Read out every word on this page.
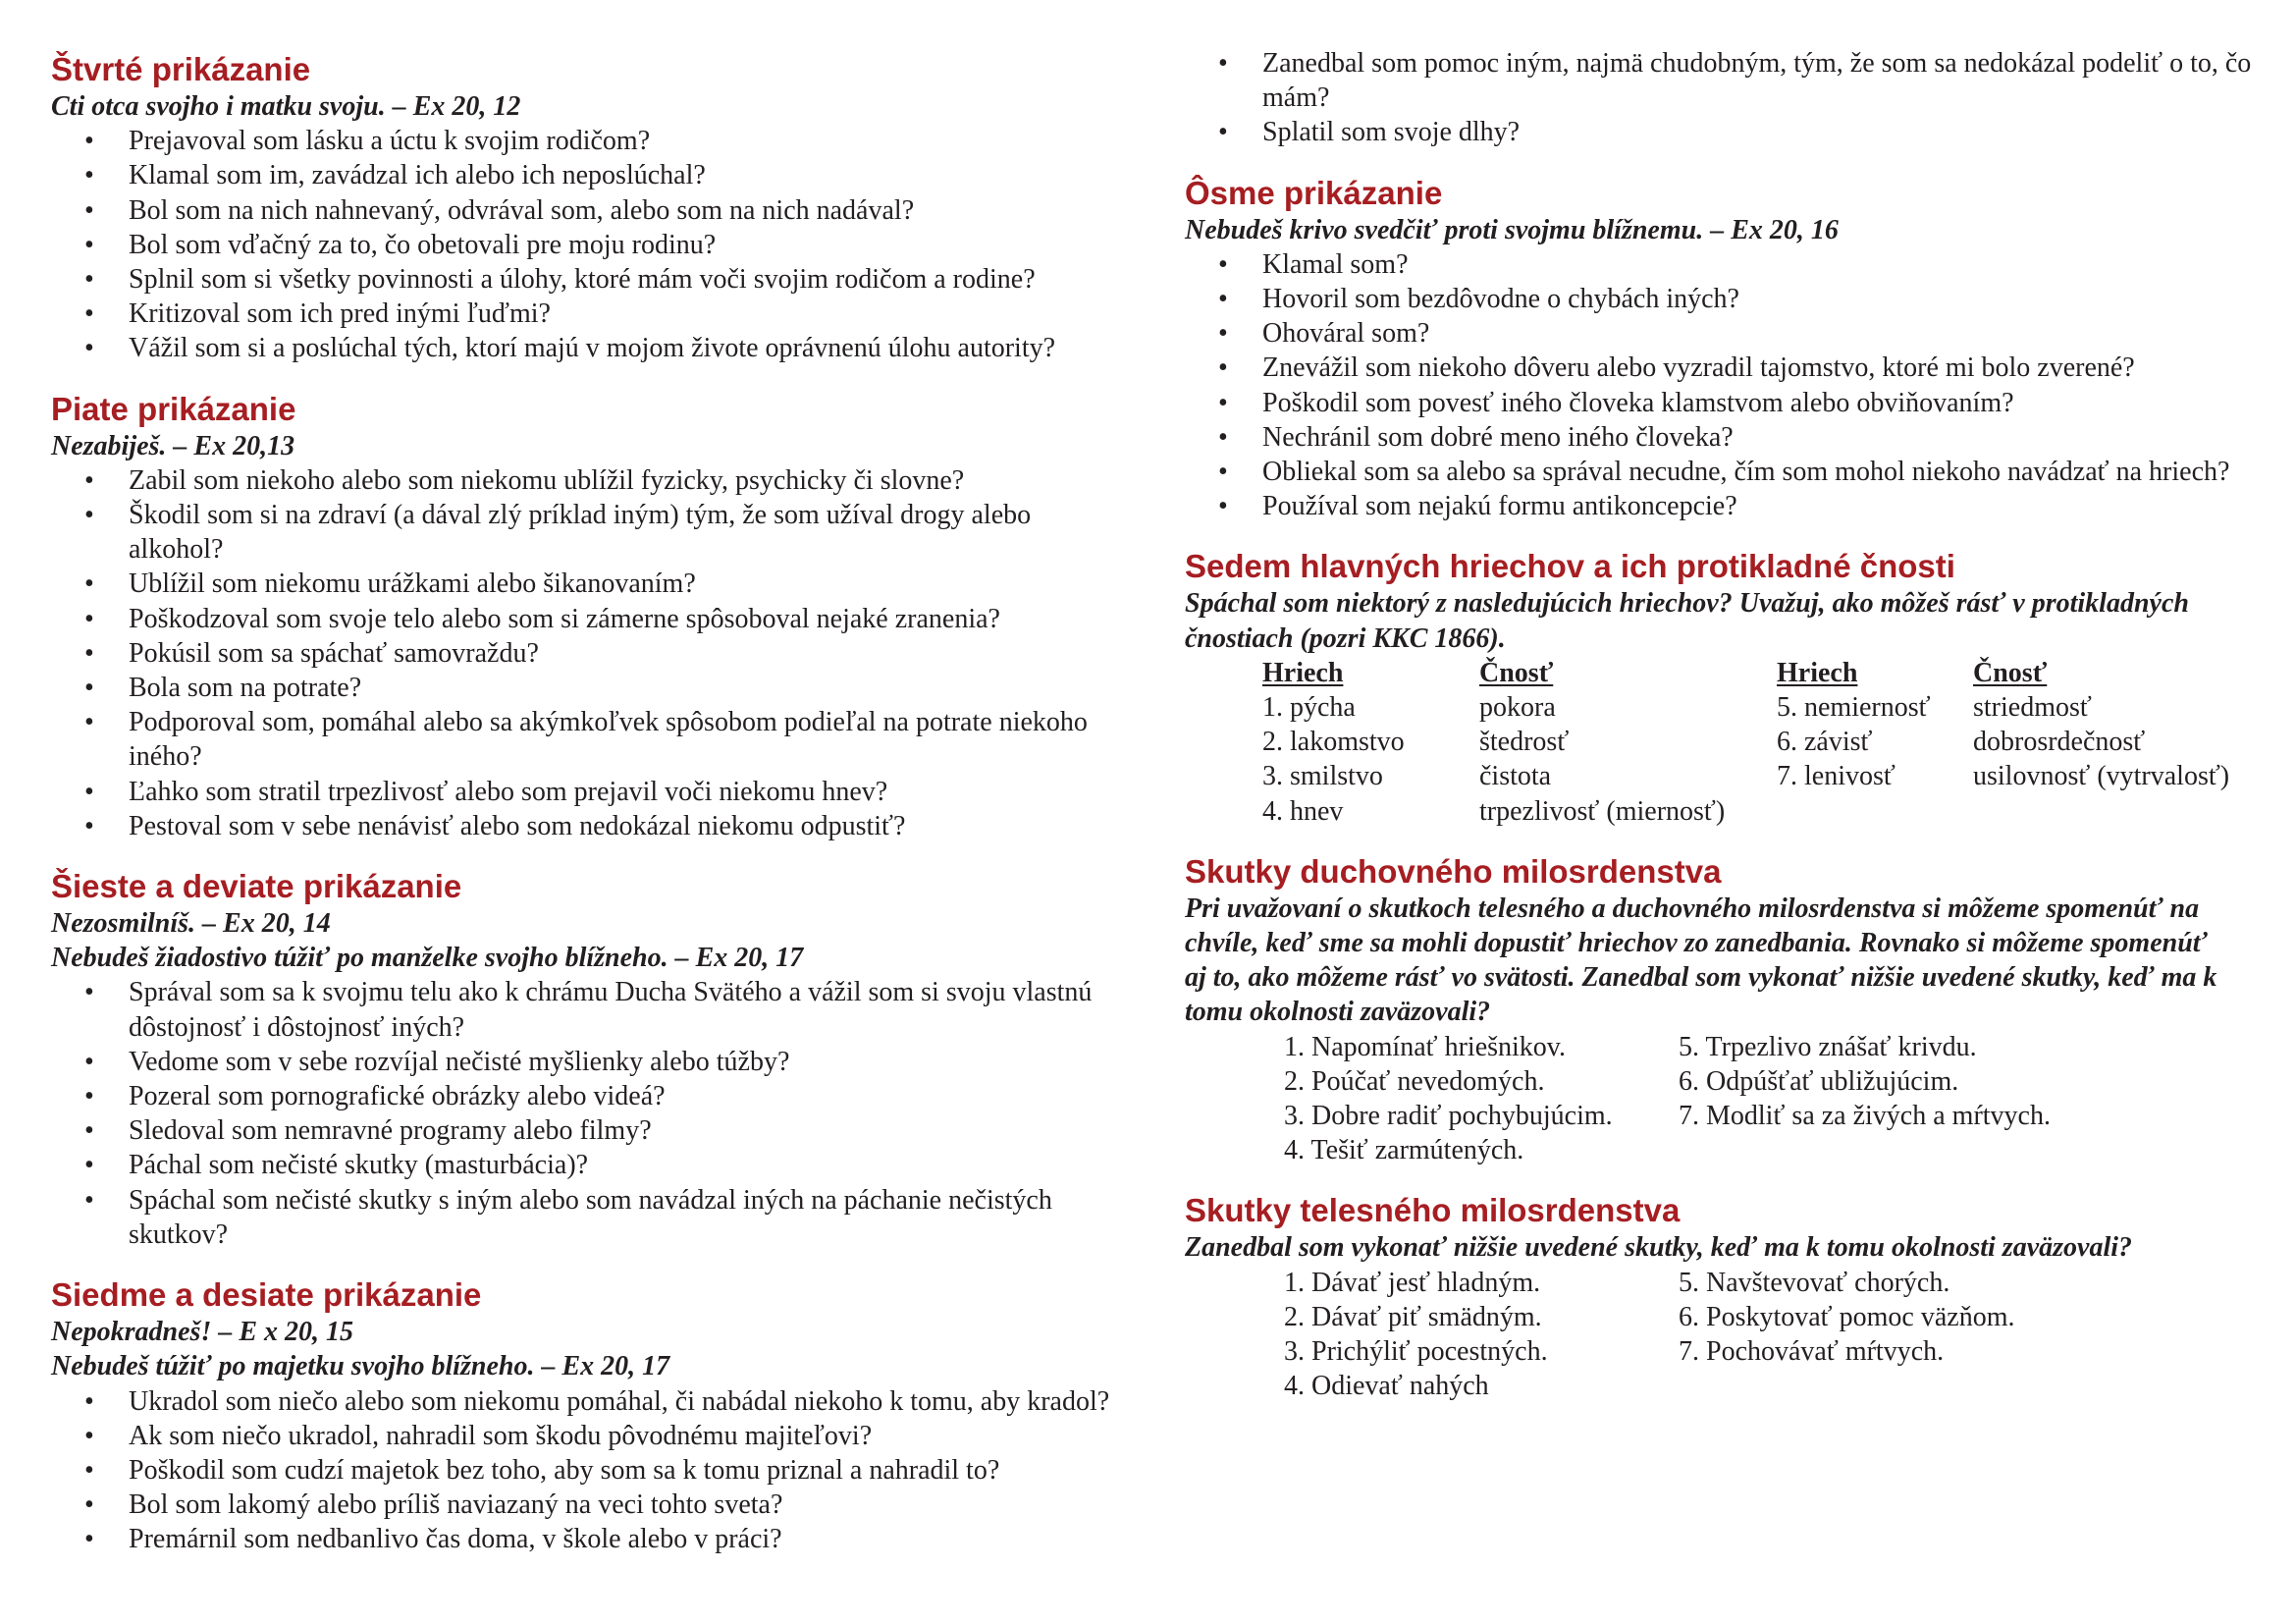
Štvrté prikázanie
Cti otca svojho i matku svoju. – Ex 20, 12
• Prejavoval som lásku a úctu k svojim rodičom?
• Klamal som im, zavádzal ich alebo ich neposlúchal?
• Bol som na nich nahnevaný, odvrával som, alebo som na nich nadával?
• Bol som vďačný za to, čo obetovali pre moju rodinu?
• Splnil som si všetky povinnosti a úlohy, ktoré mám voči svojim rodičom a rodine?
• Kritizoval som ich pred inými ľuďmi?
• Vážil som si a poslúchal tých, ktorí majú v mojom živote oprávnenú úlohu autority?
Piate prikázanie
Nezabiješ. – Ex 20,13
• Zabil som niekoho alebo som niekomu ublížil fyzicky, psychicky či slovne?
• Škodil som si na zdraví (a dával zlý príklad iným) tým, že som užíval drogy alebo
alkohol?
• Ublížil som niekomu urážkami alebo šikanovaním?
• Poškodzoval som svoje telo alebo som si zámerne spôsoboval nejaké zranenia?
• Pokúsil som sa spáchať samovraždu?
• Bola som na potrate?
• Podporoval som, pomáhal alebo sa akýmkoľvek spôsobom podieľal na potrate niekoho
iného?
• Ľahko som stratil trpezlivosť alebo som prejavil voči niekomu hnev?
• Pestoval som v sebe nenávisť alebo som nedokázal niekomu odpustiť?
Šieste a deviate prikázanie
Nezosmilníš. – Ex 20, 14
Nebudeš žiadostivo túžiť po manželke svojho blížneho. – Ex 20, 17
• Správal som sa k svojmu telu ako k chrámu Ducha Svätého a vážil som si svoju vlastnú
dôstojnosť i dôstojnosť iných?
• Vedome som v sebe rozvíjal nečisté myšlienky alebo túžby?
• Pozeral som pornografické obrázky alebo videá?
• Sledoval som nemravné programy alebo filmy?
• Páchal som nečisté skutky (masturbácia)?
• Spáchal som nečisté skutky s iným alebo som navádzal iných na páchanie nečistých
skutkov?
Siedme a desiate prikázanie
Nepokradneš! – E x 20, 15
Nebudeš túžiť po majetku svojho blížneho. – Ex 20, 17
• Ukradol som niečo alebo som niekomu pomáhal, či nabádal niekoho k tomu, aby kradol?
• Ak som niečo ukradol, nahradil som škodu pôvodnému majiteľovi?
• Poškodil som cudzí majetok bez toho, aby som sa k tomu priznal a nahradil to?
• Bol som lakomý alebo príliš naviazaný na veci tohto sveta?
• Premárnil som nedbanlivo čas doma, v škole alebo v práci?
• Zanedbal som pomoc iným, najmä chudobným, tým, že som sa nedokázal podeliť o to, čo
mám?
• Splatil som svoje dlhy?
Ôsme prikázanie
Nebudeš krivo svedčiť proti svojmu blížnemu. – Ex 20, 16
• Klamal som?
• Hovoril som bezdôvodne o chybách iných?
• Ohováral som?
• Znevážil som niekoho dôveru alebo vyzradil tajomstvo, ktoré mi bolo zverené?
• Poškodil som povesť iného človeka klamstvom alebo obviňovaním?
• Nechránil som dobré meno iného človeka?
• Obliekal som sa alebo sa správal necudne, čím som mohol niekoho navádzať na hriech?
• Používal som nejakú formu antikoncepcie?
Sedem hlavných hriechov a ich protikladné čnosti
Spáchal som niektorý z nasledujúcich hriechov? Uvažuj, ako môžeš rásť v protikladných
čnostiach (pozri KKC 1866).
Hriech	Čnosť	Hriech	Čnosť
1. pýcha	pokora	5. nemiernosť	striedmosť
2. lakomstvo	štedrosť	6. závisť	dobrosrdečnosť
3. smilstvo	čistota	7. lenivosť	usilovnosť (vytrvalosť)
4. hnev	trpezlivosť (miernosť)
Skutky duchovného milosrdenstva
Pri uvažovaní o skutkoch telesného a duchovného milosrdenstva si môžeme spomenúť na
chvíle, keď sme sa mohli dopustiť hriechov zo zanedbania. Rovnako si môžeme spomenúť
aj to, ako môžeme rásť vo svätosti. Zanedbal som vykonať nižšie uvedené skutky, keď ma k
tomu okolnosti zaväzovali?
1. Napomínať hriešnikov.	5. Trpezlivo znášať krivdu.
2. Poúčať nevedomých.	6. Odpúšťať ubližujúcim.
3. Dobre radiť pochybujúcim.	7. Modliť sa za živých a mŕtvych.
4. Tešiť zarmútených.
Skutky telesného milosrdenstva
Zanedbal som vykonať nižšie uvedené skutky, keď ma k tomu okolnosti zaväzovali?
1. Dávať jesť hladným.	5. Navštevovať chorých.
2. Dávať piť smädným.	6. Poskytovať pomoc väzňom.
3. Prichýliť pocestných.	7. Pochovávať mŕtvych.
4. Odievať nahých
